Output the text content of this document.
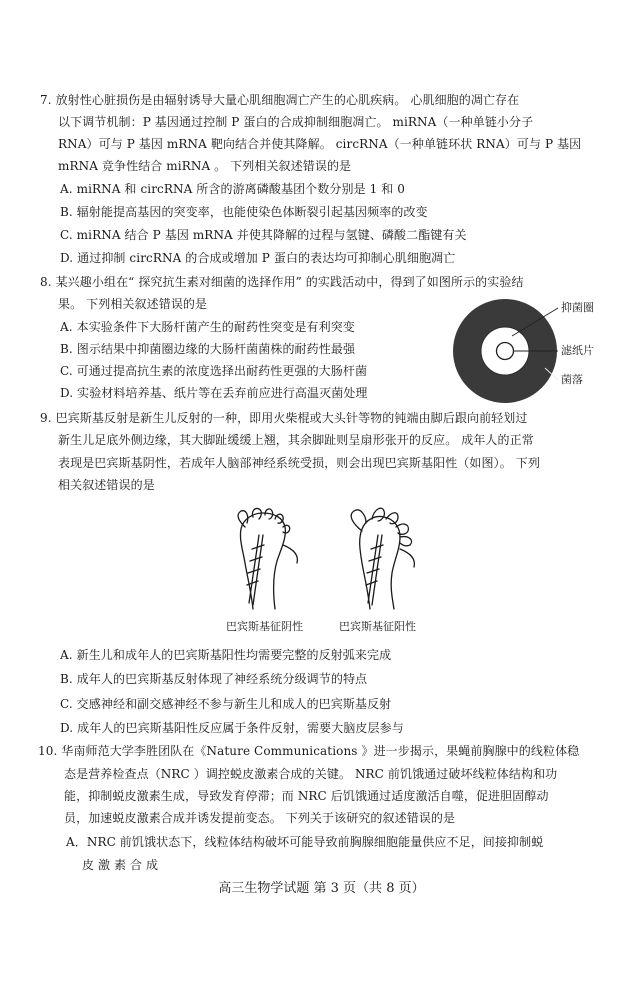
7. 放射性心脏损伤是由辐射诱导大量心肌细胞凋亡产生的心肌疾病。 心肌细胞的凋亡存在
以下调节机制：P 基因通过控制 P 蛋白的合成抑制细胞凋亡。 miRNA（一种单链小分子
RNA）可与 P 基因 mRNA 靶向结合并使其降解。 circRNA（一种单链环状 RNA）可与 P 基因
mRNA 竞争性结合 miRNA 。 下列相关叙述错误的是
A. miRNA 和 circRNA 所含的游离磷酸基团个数分别是 1 和 0
B. 辐射能提高基因的突变率，也能使染色体断裂引起基因频率的改变
C. miRNA 结合 P 基因 mRNA 并使其降解的过程与氢键、磷酸二酯键有关
D. 通过抑制 circRNA 的合成或增加 P 蛋白的表达均可抑制心肌细胞凋亡
8. 某兴趣小组在“ 探究抗生素对细菌的选择作用” 的实践活动中，得到了如图所示的实验结
果。 下列相关叙述错误的是
A. 本实验条件下大肠杆菌产生的耐药性突变是有利突变
B. 图示结果中抑菌圈边缘的大肠杆菌菌株的耐药性最强
C. 可通过提高抗生素的浓度选择出耐药性更强的大肠杆菌
D. 实验材料培养基、纸片等在丢弃前应进行高温灭菌处理
抑菌圈
滤纸片
菌落
9. 巴宾斯基反射是新生儿反射的一种，即用火柴棍或大头针等物的钝端由脚后跟向前轻划过
新生儿足底外侧边缘，其大脚趾缓缓上翘，其余脚趾则呈扇形张开的反应。 成年人的正常
表现是巴宾斯基阴性，若成年人脑部神经系统受损，则会出现巴宾斯基阳性（如图）。 下列
相关叙述错误的是
巴宾斯基征阴性	巴宾斯基征阳性
A. 新生儿和成年人的巴宾斯基阳性均需要完整的反射弧来完成
B. 成年人的巴宾斯基反射体现了神经系统分级调节的特点
C. 交感神经和副交感神经不参与新生儿和成人的巴宾斯基反射
D. 成年人的巴宾斯基阳性反应属于条件反射，需要大脑皮层参与
10. 华南师范大学李胜团队在《Nature Communications 》进一步揭示，果蝇前胸腺中的线粒体稳
态是营养检查点（NRC ）调控蜕皮激素合成的关键。 NRC 前饥饿通过破坏线粒体结构和功
能，抑制蜕皮激素生成，导致发育停滞；而 NRC 后饥饿通过适度激活自噬，促进胆固醇动
员，加速蜕皮激素合成并诱发提前变态。 下列关于该研究的叙述错误的是
A．NRC 前饥饿状态下，线粒体结构破坏可能导致前胸腺细胞能量供应不足，间接抑制蜕
皮 激 素 合 成
高三生物学试题 第 3 页（共 8 页）
